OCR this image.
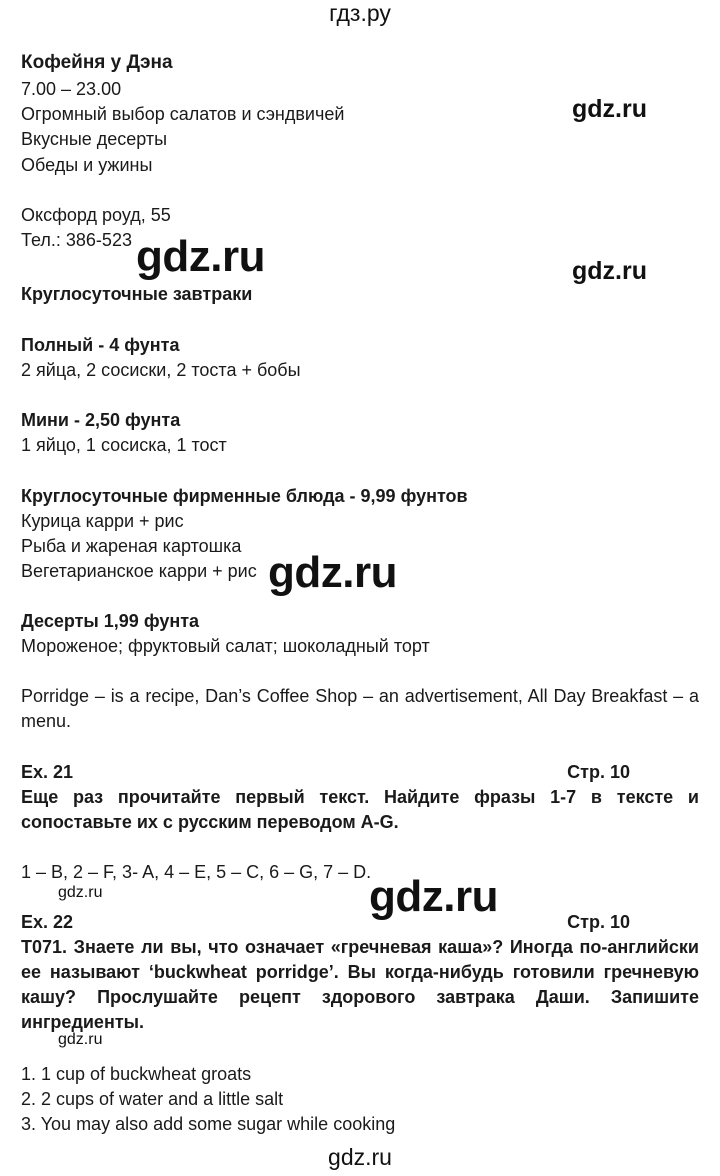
гдз.ру
Кофейня у Дэна
7.00 – 23.00
Огромный выбор салатов и сэндвичей
Вкусные десерты
Обеды и ужины
Оксфорд роуд, 55
Тел.: 386-523
gdz.ru
gdz.ru	gdz.ru
Круглосуточные завтраки
Полный - 4 фунта
2 яйца, 2 сосиски, 2 тоста + бобы
Мини - 2,50 фунта
1 яйцо, 1 сосиска, 1 тост
Круглосуточные фирменные блюда - 9,99 фунтов
Курица карри + рис
Рыба и жареная картошка
Вегетарианское карри + рис gdz.ru
Десерты 1,99 фунта
Мороженое; фруктовый салат; шоколадный торт
Porridge – is a recipe, Dan’s Coffee Shop – an advertisement, All Day Breakfast – a menu.
Ex. 21	Стр. 10
Еще раз прочитайте первый текст. Найдите фразы 1-7 в тексте и сопоставьте их с русским переводом A-G.
1 – B, 2 – F, 3- A, 4 – E, 5 – C, 6 – G, 7 – D.
gdz.ru	gdz.ru
Ex. 22	Стр. 10
T071. Знаете ли вы, что означает «гречневая каша»? Иногда по-английски ее называют ‘buckwheat porridge’. Вы когда-нибудь готовили гречневую кашу? Прослушайте рецепт здорового завтрака Даши. Запишите ингредиенты.
gdz.ru
1. 1 cup of buckwheat groats
2. 2 cups of water and a little salt
3. You may also add some sugar while cooking
gdz.ru
